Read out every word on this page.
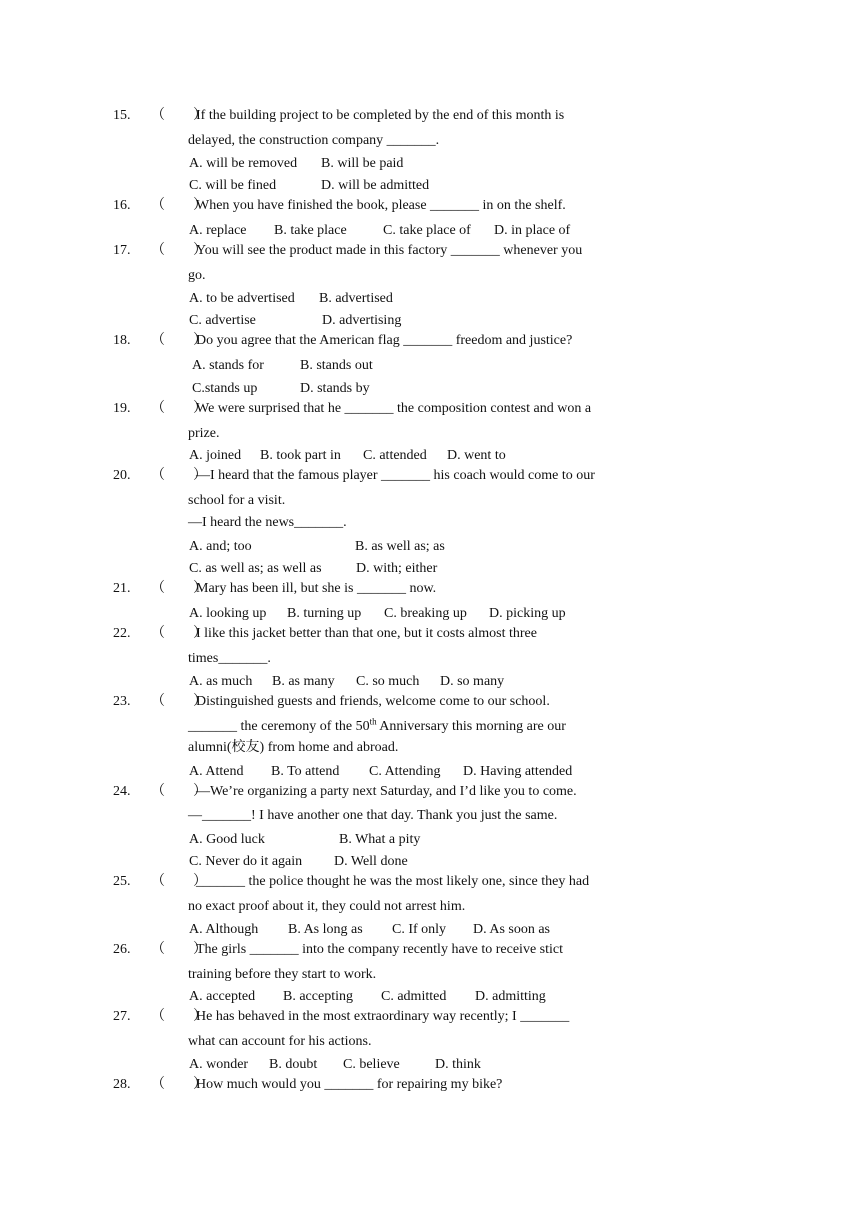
15. （　　）
If the building project to be completed by the end of this month is
delayed, the construction company _______.
A. will be removed B. will be paid
C. will be fined	D. will be admitted
16. （　　）
When you have finished the book, please _______ in on the shelf.
A. replace B. take place	C. take place of D. in place of
17. （　　）
You will see the product made in this factory _______ whenever you
go.
A. to be advertised B. advertised
C. advertise	D. advertising
18. （　　）
Do you agree that the American flag _______ freedom and justice?
A. stands for	B. stands out
C.stands up	D. stands by
19. （　　）
We were surprised that he _______ the composition contest and won a
prize.
A. joined B. took part in C. attended D. went to
20. （　　）
—I heard that the famous player _______ his coach would come to our
school for a visit.
—I heard the news_______.
A. and; too	B. as well as; as
C. as well as; as well as D. with; either
21. （　　）
Mary has been ill, but she is _______ now.
A. looking up B. turning up C. breaking up D. picking up
22. （　　）
I like this jacket better than that one, but it costs almost three
times_______.
A. as much B. as many C. so much D. so many
23. （　　）
Distinguished guests and friends, welcome come to our school.
_______ the ceremony of the 50th Anniversary this morning are our
alumni(校友) from home and abroad.
A. Attend B. To attend C. Attending D. Having attended
24. （　　）
—We’re organizing a party next Saturday, and I’d like you to come.
—_______! I have another one that day. Thank you just the same.
A. Good luck	B. What a pity
C. Never do it again D. Well done
25. （　　）
_______ the police thought he was the most likely one, since they had
no exact proof about it, they could not arrest him.
A. Although B. As long as C. If only D. As soon as
26. （　　）
The girls _______ into the company recently have to receive stict
training before they start to work.
A. accepted B. accepting C. admitted D. admitting
27. （　　）
He has behaved in the most extraordinary way recently; I _______
what can account for his actions.
A. wonder B. doubt C. believe	D. think
28. （　　）
How much would you _______ for repairing my bike?
